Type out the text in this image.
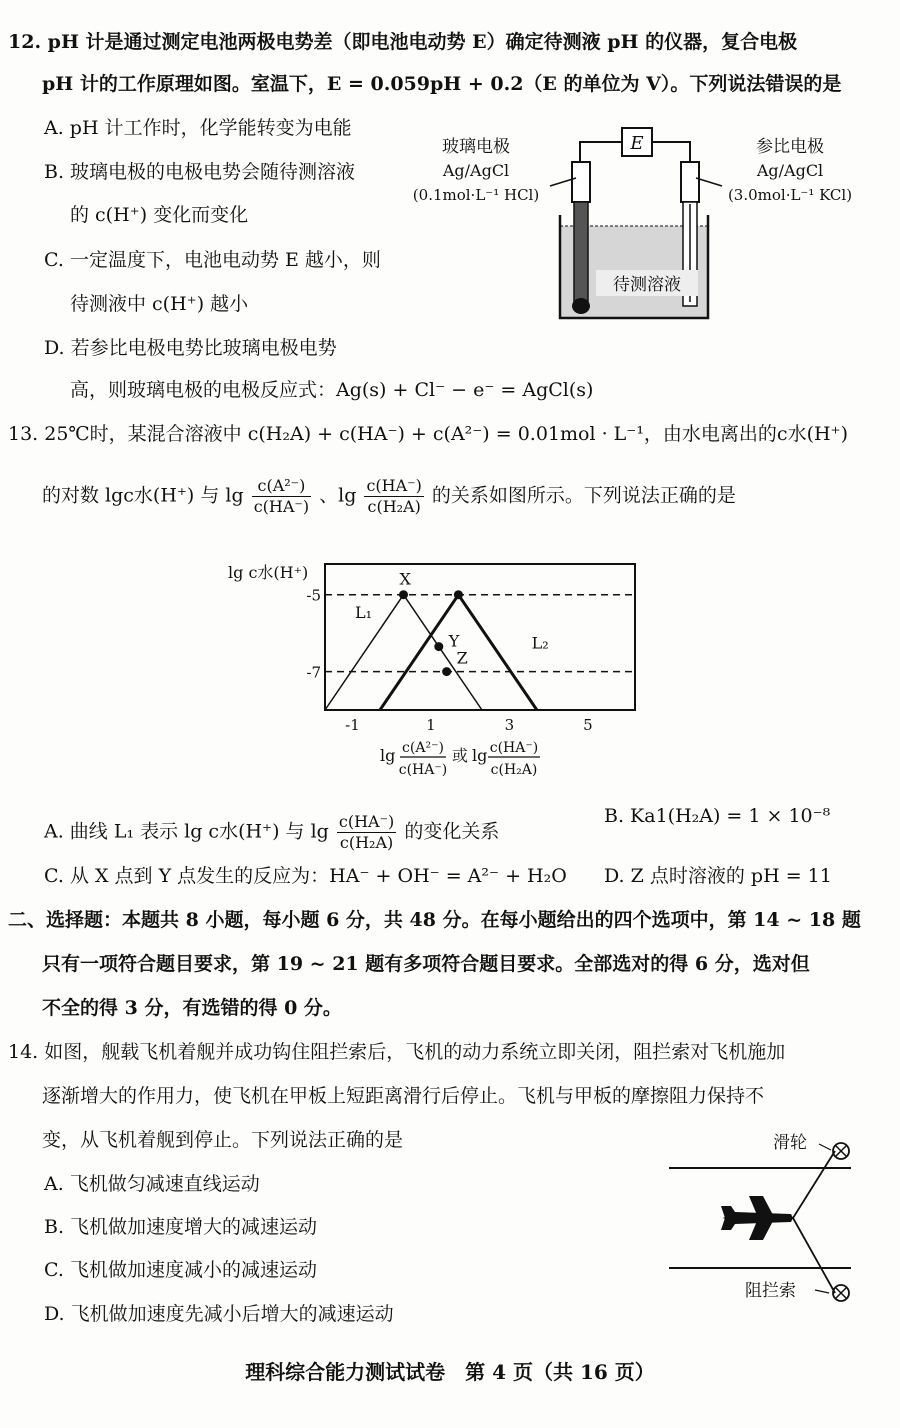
12. pH 计是通过测定电池两极电势差（即电池电动势 E）确定待测液 pH 的仪器，复合电极
pH 计的工作原理如图。室温下，E = 0.059pH + 0.2（E 的单位为 V）。下列说法错误的是
A. pH 计工作时，化学能转变为电能
B. 玻璃电极的电极电势会随待测溶液
的 c(H⁺) 变化而变化
C. 一定温度下，电池电动势 E 越小，则
待测液中 c(H⁺) 越小
D. 若参比电极电势比玻璃电极电势
高，则玻璃电极的电极反应式：Ag(s) + Cl⁻ − e⁻ = AgCl(s)
玻璃电极
Ag/AgCl
(0.1mol·L⁻¹ HCl)
参比电极
Ag/AgCl
(3.0mol·L⁻¹ KCl)
E
待测溶液
13. 25℃时，某混合溶液中 c(H₂A) + c(HA⁻) + c(A²⁻) = 0.01mol · L⁻¹，由水电离出的c水(H⁺)
的对数 lgc水(H⁺) 与 $\lg \frac{\text{c(A²⁻)}}{c(HA^-)}$ 、$\lg \frac{c(HA^-)}{\text{c(H₂A)}}$ 的关系如图所示。下列说法正确的是
lg c水(H⁺)
-5
-7
-1	1	3	5
L₁
L₂
X
Y
Z
lg c(A²⁻)
c(HA⁻)
或 lg c(HA⁻)
c(H₂A)
A. 曲线 L₁ 表示 lg c水(H⁺) 与 $\lg \frac{c(HA^-)}{\text{c(H₂A)}}$ 的变化关系
B. Ka1(H₂A) = 1 × 10⁻⁸
C. 从 X 点到 Y 点发生的反应为：HA⁻ + OH⁻ = A²⁻ + H₂O D. Z 点时溶液的 pH = 11
二、选择题：本题共 8 小题，每小题 6 分，共 48 分。在每小题给出的四个选项中，第 14 ~ 18 题
只有一项符合题目要求，第 19 ~ 21 题有多项符合题目要求。全部选对的得 6 分，选对但
不全的得 3 分，有选错的得 0 分。
14. 如图，舰载飞机着舰并成功钩住阻拦索后，飞机的动力系统立即关闭，阻拦索对飞机施加
逐渐增大的作用力，使飞机在甲板上短距离滑行后停止。飞机与甲板的摩擦阻力保持不
变，从飞机着舰到停止。下列说法正确的是
A. 飞机做匀减速直线运动
B. 飞机做加速度增大的减速运动
C. 飞机做加速度减小的减速运动
D. 飞机做加速度先减小后增大的减速运动
滑轮
阻拦索
理科综合能力测试试卷　第 4 页（共 16 页）
